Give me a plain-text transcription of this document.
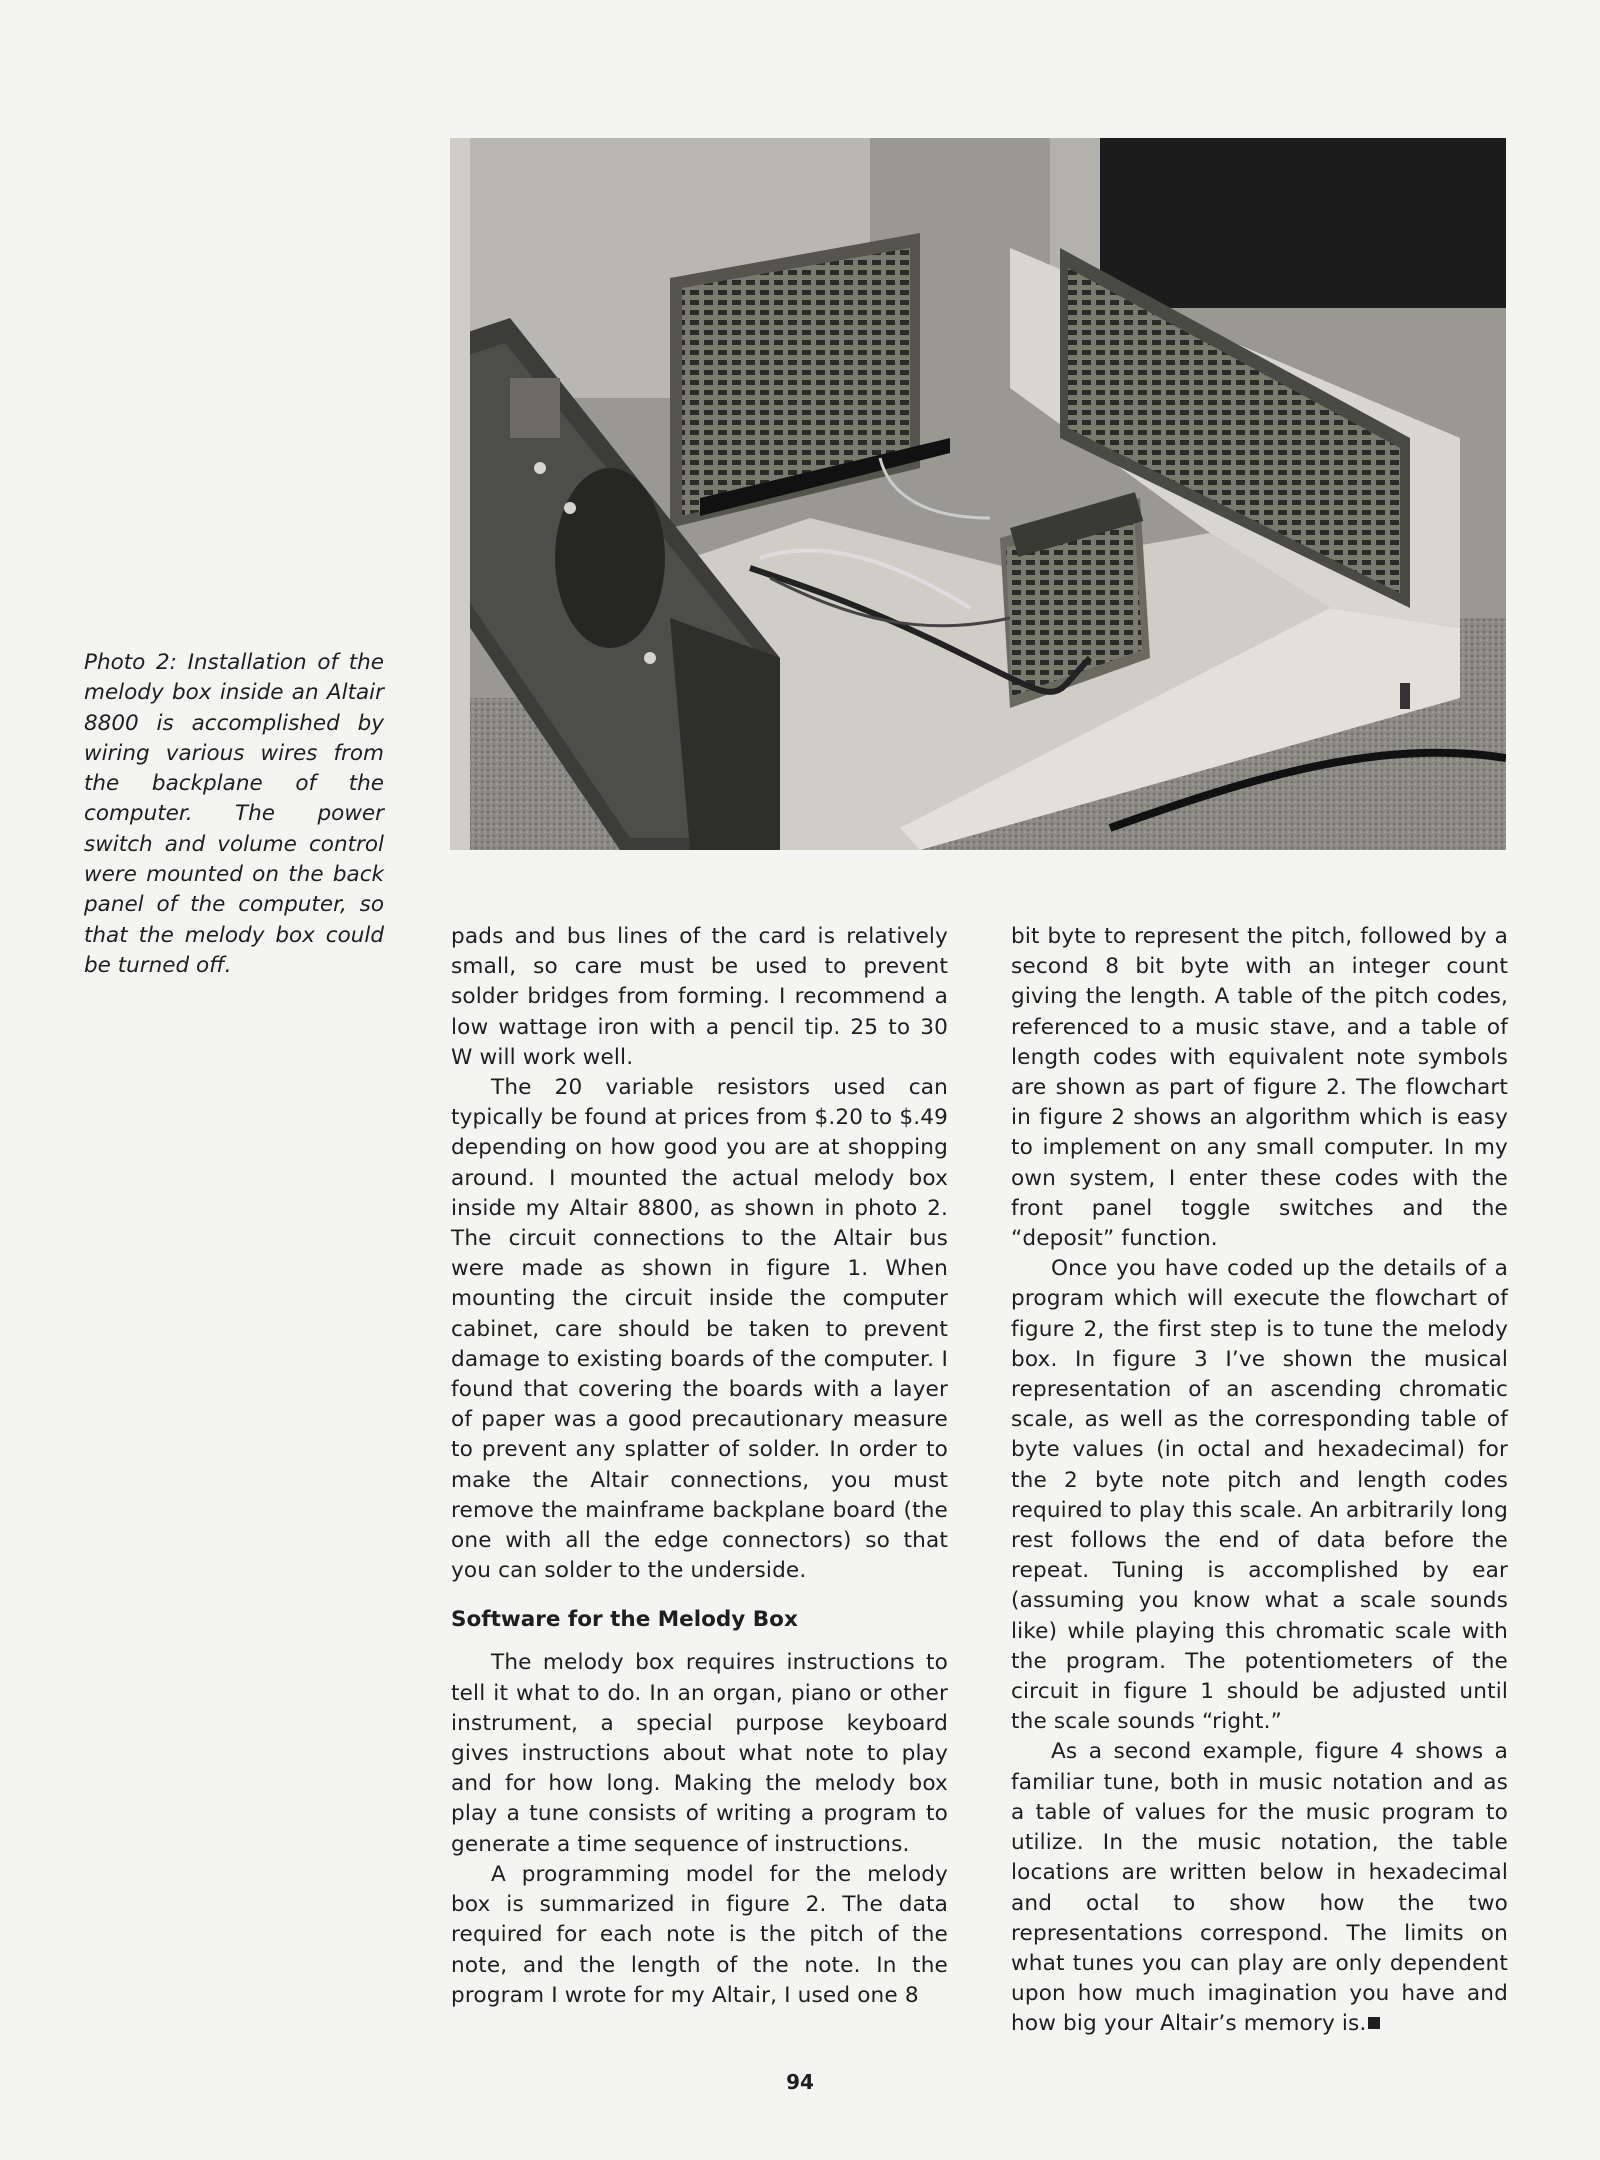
Photo 2: Installation of the melody box inside an Altair 8800 is accomplished by wiring various wires from the backplane of the computer. The power switch and volume control were mounted on the back panel of the computer, so that the melody box could be turned off.

pads and bus lines of the card is relatively small, so care must be used to prevent solder bridges from forming. I recommend a low wattage iron with a pencil tip. 25 to 30 W will work well.

The 20 variable resistors used can typically be found at prices from $.20 to $.49 depending on how good you are at shopping around. I mounted the actual melody box inside my Altair 8800, as shown in photo 2. The circuit connections to the Altair bus were made as shown in figure 1. When mounting the circuit inside the computer cabinet, care should be taken to prevent damage to existing boards of the computer. I found that covering the boards with a layer of paper was a good precautionary measure to prevent any splatter of solder. In order to make the Altair connections, you must remove the mainframe backplane board (the one with all the edge connectors) so that you can solder to the underside.

Software for the Melody Box

The melody box requires instructions to tell it what to do. In an organ, piano or other instrument, a special purpose keyboard gives instructions about what note to play and for how long. Making the melody box play a tune consists of writing a program to generate a time sequence of instructions.

A programming model for the melody box is summarized in figure 2. The data required for each note is the pitch of the note, and the length of the note. In the program I wrote for my Altair, I used one 8

bit byte to represent the pitch, followed by a second 8 bit byte with an integer count giving the length. A table of the pitch codes, referenced to a music stave, and a table of length codes with equivalent note symbols are shown as part of figure 2. The flowchart in figure 2 shows an algorithm which is easy to implement on any small computer. In my own system, I enter these codes with the front panel toggle switches and the “deposit” function.

Once you have coded up the details of a program which will execute the flowchart of figure 2, the first step is to tune the melody box. In figure 3 I’ve shown the musical representation of an ascending chromatic scale, as well as the corresponding table of byte values (in octal and hexadecimal) for the 2 byte note pitch and length codes required to play this scale. An arbitrarily long rest follows the end of data before the repeat. Tuning is accomplished by ear (assuming you know what a scale sounds like) while playing this chromatic scale with the program. The potentiometers of the circuit in figure 1 should be adjusted until the scale sounds “right.”

As a second example, figure 4 shows a familiar tune, both in music notation and as a table of values for the music program to utilize. In the music notation, the table locations are written below in hexadecimal and octal to show how the two representations correspond. The limits on what tunes you can play are only dependent upon how much imagination you have and how big your Altair’s memory is.

94
